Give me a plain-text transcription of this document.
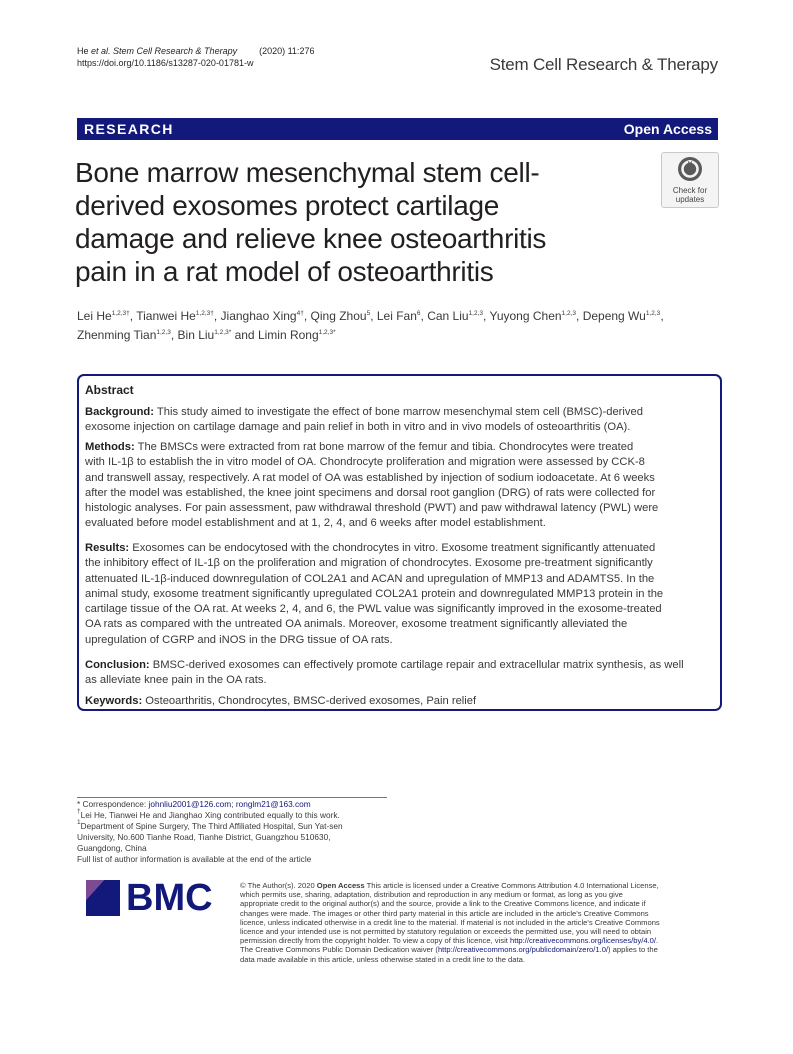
He et al. Stem Cell Research & Therapy (2020) 11:276
https://doi.org/10.1186/s13287-020-01781-w	Stem Cell Research & Therapy
RESEARCH	Open Access
Bone marrow mesenchymal stem cell-
derived exosomes protect cartilage
damage and relieve knee osteoarthritis
pain in a rat model of osteoarthritis
Check for
updates
Lei $He^{1,2,3\dagger}$, Tianwei $He^{1,2,3\dagger}$, Jianghao Xing$^{4\dagger}$, Qing Zhou$^5$, Lei Fan$^6$, Can Liu$^{1,2,3}$, Yuyong Chen$^{1,2,3}$, Depeng Wu$^{1,2,3}$,
Zhenming Tian$^{1,2,3}$, Bin Liu$^{1,2,3*}$ and Limin Rong$^{1,2,3*}$
Abstract
Background: This study aimed to investigate the effect of bone marrow mesenchymal stem cell (BMSC)-derived
exosome injection on cartilage damage and pain relief in both in vitro and in vivo models of osteoarthritis (OA).
Methods: The BMSCs were extracted from rat bone marrow of the femur and tibia. Chondrocytes were treated
with IL-1β to establish the in vitro model of OA. Chondrocyte proliferation and migration were assessed by CCK-8
and transwell assay, respectively. A rat model of OA was established by injection of sodium iodoacetate. At 6 weeks
after the model was established, the knee joint specimens and dorsal root ganglion (DRG) of rats were collected for
histologic analyses. For pain assessment, paw withdrawal threshold (PWT) and paw withdrawal latency (PWL) were
evaluated before model establishment and at 1, 2, 4, and 6 weeks after model establishment.
Results: Exosomes can be endocytosed with the chondrocytes in vitro. Exosome treatment significantly attenuated
the inhibitory effect of IL-1β on the proliferation and migration of chondrocytes. Exosome pre-treatment significantly
attenuated IL-1β-induced downregulation of COL2A1 and ACAN and upregulation of MMP13 and ADAMTS5. In the
animal study, exosome treatment significantly upregulated COL2A1 protein and downregulated MMP13 protein in the
cartilage tissue of the OA rat. At weeks 2, 4, and 6, the PWL value was significantly improved in the exosome-treated
OA rats as compared with the untreated OA animals. Moreover, exosome treatment significantly alleviated the
upregulation of CGRP and iNOS in the DRG tissue of OA rats.
Conclusion: BMSC-derived exosomes can effectively promote cartilage repair and extracellular matrix synthesis, as well
as alleviate knee pain in the OA rats.
Keywords: Osteoarthritis, Chondrocytes, BMSC-derived exosomes, Pain relief
* Correspondence: johnliu2001@126.com; ronglm21@163.com
†Lei He, Tianwei He and Jianghao Xing contributed equally to this work.
$^1$Department of Spine Surgery, The Third Affiliated Hospital, Sun Yat-sen
University, No.600 Tianhe Road, Tianhe District, Guangzhou 510630,
Guangdong, China
Full list of author information is available at the end of the article
BMC	© The Author(s). 2020 Open Access This article is licensed under a Creative Commons Attribution 4.0 International License,
which permits use, sharing, adaptation, distribution and reproduction in any medium or format, as long as you give
appropriate credit to the original author(s) and the source, provide a link to the Creative Commons licence, and indicate if
changes were made. The images or other third party material in this article are included in the article's Creative Commons
licence, unless indicated otherwise in a credit line to the material. If material is not included in the article's Creative Commons
licence and your intended use is not permitted by statutory regulation or exceeds the permitted use, you will need to obtain
permission directly from the copyright holder. To view a copy of this licence, visit http://creativecommons.org/licenses/by/4.0/.
The Creative Commons Public Domain Dedication waiver (http://creativecommons.org/publicdomain/zero/1.0/) applies to the
data made available in this article, unless otherwise stated in a credit line to the data.
